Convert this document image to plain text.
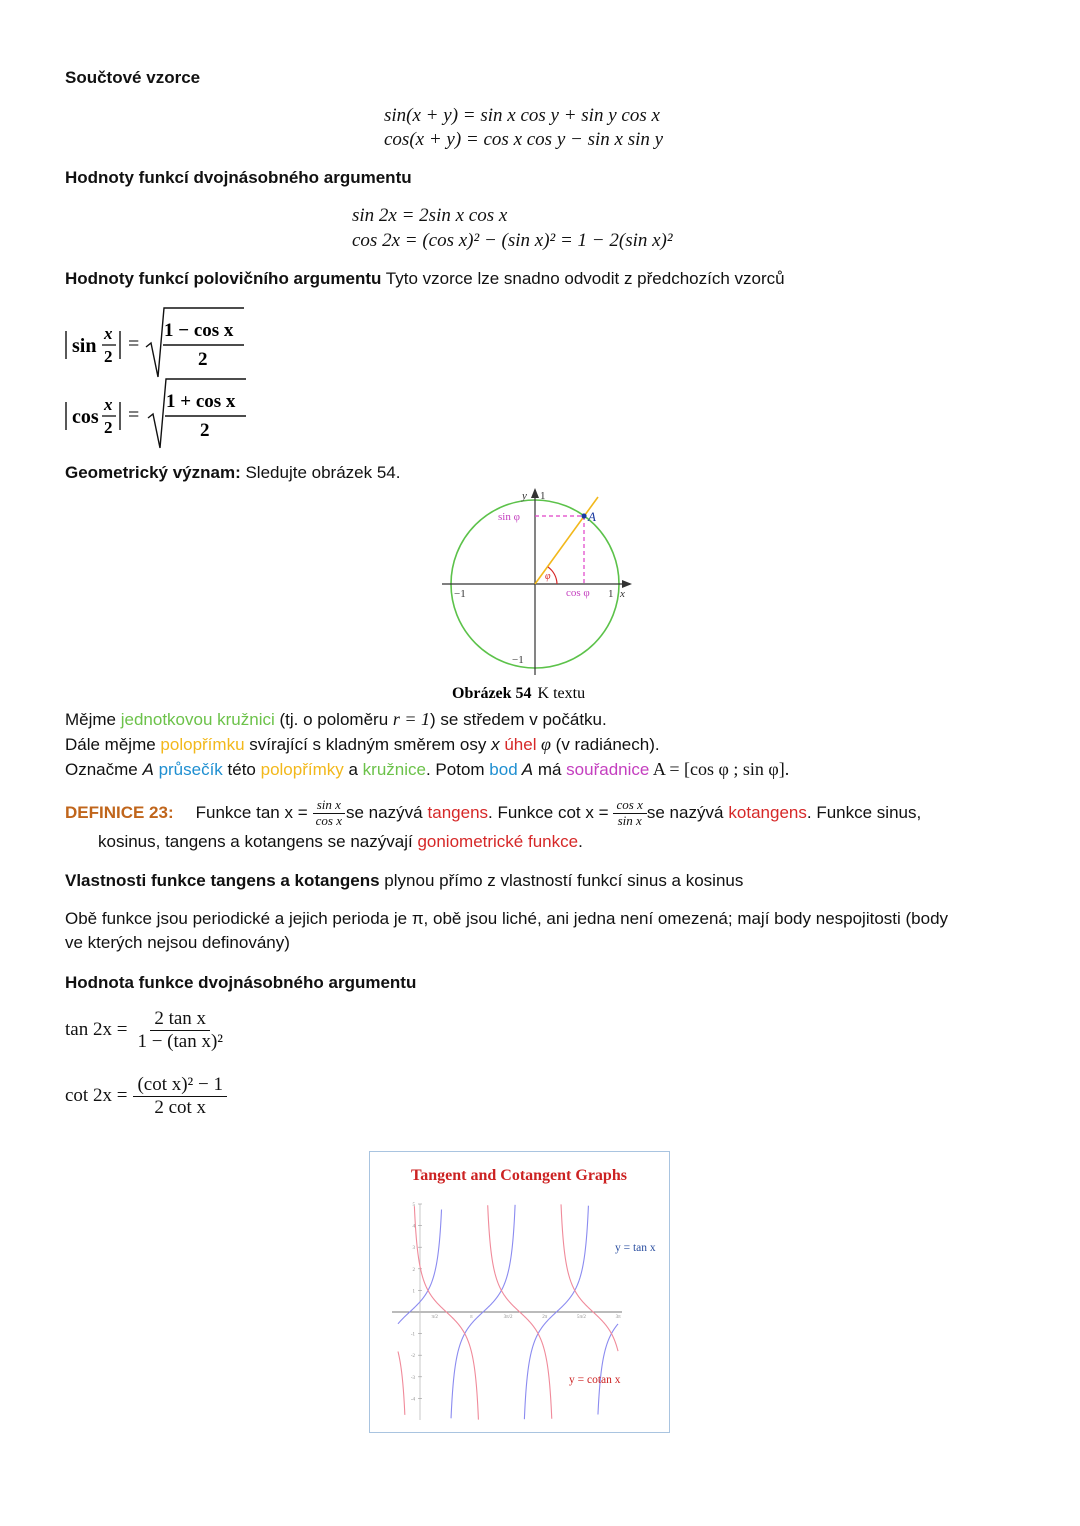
Součtové vzorce
sin(x + y) = sin x cos y + sin y cos x
cos(x + y) = cos x cos y − sin x sin y
Hodnoty funkcí dvojnásobného argumentu
sin 2x = 2sin x cos x
cos 2x = (cos x)² − (sin x)² = 1 − 2(sin x)²
Hodnoty funkcí polovičního argumentu Tyto vzorce lze snadno odvodit z předchozích vzorců
sin
x
2
=
1 − cos x
2
cos
x
2
=
1 + cos x
2
Geometrický význam: Sledujte obrázek 54.
y 1
sin φ	A
φ
−1	cos φ 1 x
−1
Obrázek 54 K textu
Mějme jednotkovou kružnici (tj. o poloměru r = 1) se středem v počátku.
Dále mějme polopřímku svírající s kladným směrem osy x úhel φ (v radiánech).
Označme A průsečík této polopřímky a kružnice. Potom bod A má souřadnice A = [cos φ ; sin φ].
DEFINICE 23: Funkce $\tan x = \frac{\text{sin x}}{\text{cos x}}$ se nazývá tangens . Funkce $\cot x = \frac{\text{cos x}}{\text{sin x}}$ se nazývá kotangens . Funkce sinus,
kosinus, tangens a kotangens se nazývají goniometrické funkce.
Vlastnosti funkce tangens a kotangens plynou přímo z vlastností funkcí sinus a kosinus
Obě funkce jsou periodické a jejich perioda je π, obě jsou liché, ani jedna není omezená; mají body nespojitosti (body
ve kterých nejsou definovány)
Hodnota funkce dvojnásobného argumentu
$\tan 2x = \frac{\text{2 tan x}}{\text{1 − (tan x)²}}$
$\cot 2x = \frac{\text{(cot x)² − 1}}{\text{2 cot x}}$
Tangent and Cotangent Graphs
5
4
3
2
1
-1
-2
-3
-4
π/2	π	3π/2	2π	5π/2	3π
y = tan x
y = cotan x
